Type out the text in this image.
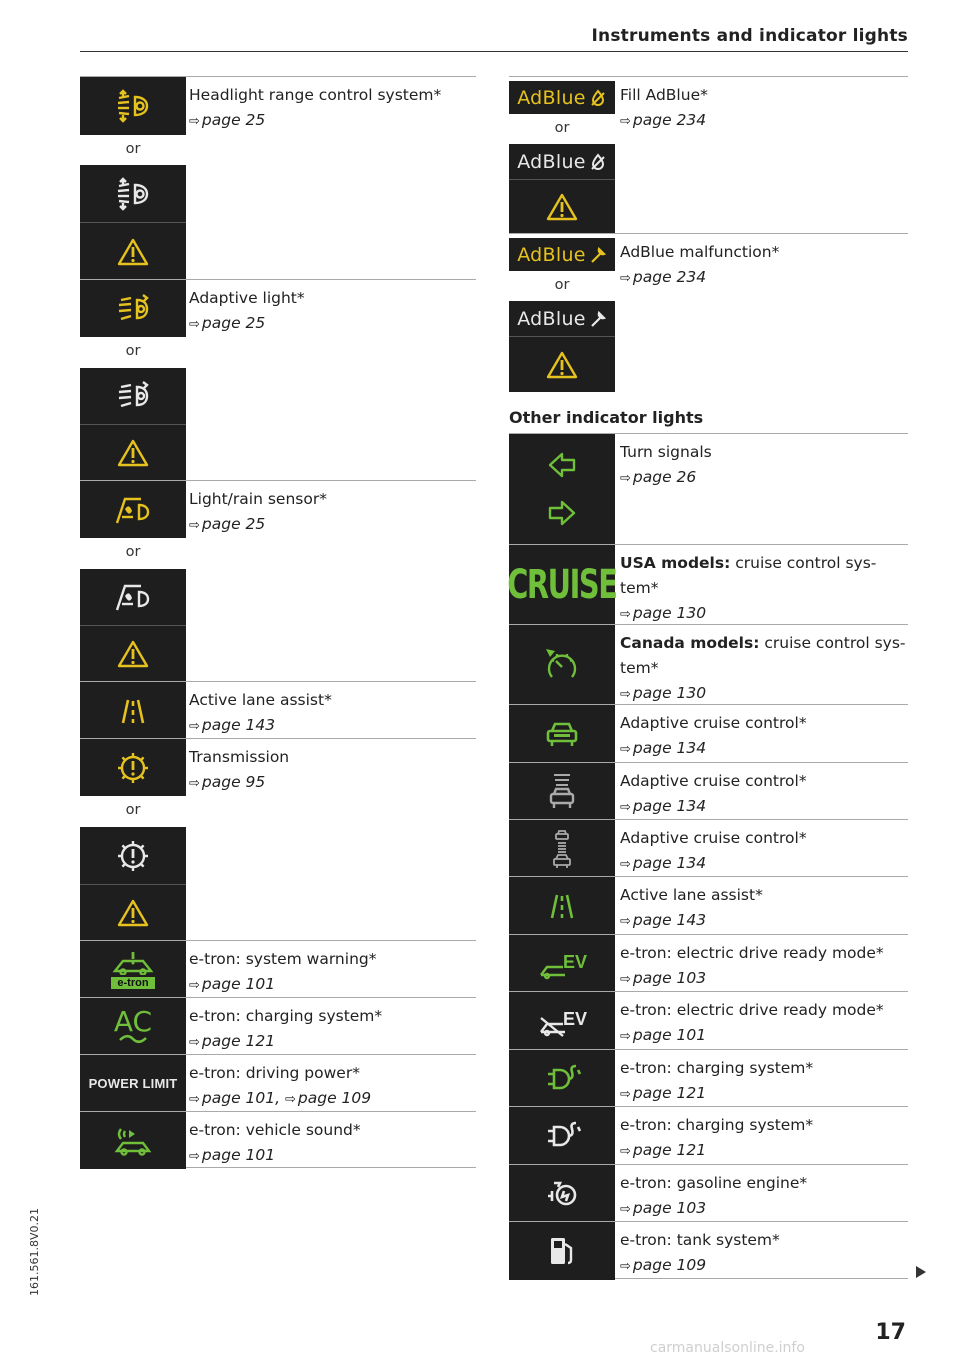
Instruments and indicator lights
161.561.8V0.21
or
Headlight range control system*
⇨ page 25
or
Adaptive light*
⇨ page 25
or
Light/rain sensor*
⇨ page 25
Active lane assist*
⇨ page 143
or
Transmission
⇨ page 95
e-tron
e-tron: system warning*
⇨ page 101
AC e-tron: charging system*
⇨ page 121
POWER LIMIT
e-tron: driving power*
⇨ page 101, ⇨ page 109
e-tron: vehicle sound*
⇨ page 101
AdBlue
or
AdBlue
Fill AdBlue*
⇨ page 234
AdBlue
or
AdBlue
AdBlue malfunction*
⇨ page 234
Other indicator lights
Turn signals
⇨ page 26
CRUISE USA models: cruise control sys-
tem*
⇨ page 130
Canada models: cruise control sys-
tem*
⇨ page 130
Adaptive cruise control*
⇨ page 134
Adaptive cruise control*
⇨ page 134
Adaptive cruise control*
⇨ page 134
Active lane assist*
⇨ page 143
EV e-tron: electric drive ready mode*
⇨ page 103
EV e-tron: electric drive ready mode*
⇨ page 101
e-tron: charging system*
⇨ page 121
e-tron: charging system*
⇨ page 121
e-tron: gasoline engine*
⇨ page 103
e-tron: tank system*
⇨ page 109
17
carmanualsonline.info
